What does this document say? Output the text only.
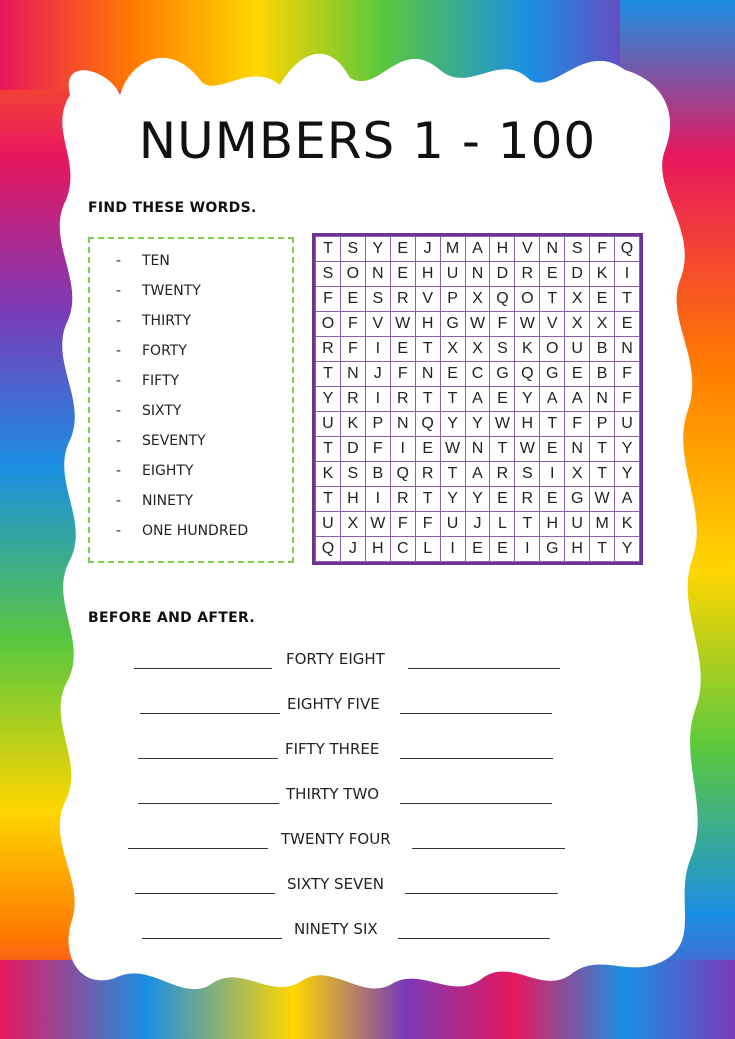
NUMBERS 1 - 100
FIND THESE WORDS.
- TEN
- TWENTY
- THIRTY
- FORTY
- FIFTY
- SIXTY
- SEVENTY
- EIGHTY
- NINETY
- ONE HUNDRED
T	S	Y	E	J	M	A	H	V	N	S	F	Q
S	O	N	E	H	U	N	D	R	E	D	K	I
F	E	S	R	V	P	X	Q	O	T	X	E	T
O	F	V	W	H	G	W	F	W	V	X	X	E
R	F	I	E	T	X	X	S	K	O	U	B	N
T	N	J	F	N	E	C	G	Q	G	E	B	F
Y	R	I	R	T	T	A	E	Y	A	A	N	F
U	K	P	N	Q	Y	Y	W	H	T	F	P	U
T	D	F	I	E	W	N	T	W	E	N	T	Y
K	S	B	Q	R	T	A	R	S	I	X	T	Y
T	H	I	R	T	Y	Y	E	R	E	G	W	A
U	X	W	F	F	U	J	L	T	H	U	M	K
Q	J	H	C	L	I	E	E	I	G	H	T	Y
BEFORE AND AFTER.
FORTY EIGHT
EIGHTY FIVE
FIFTY THREE
THIRTY TWO
TWENTY FOUR
SIXTY SEVEN
NINETY SIX
